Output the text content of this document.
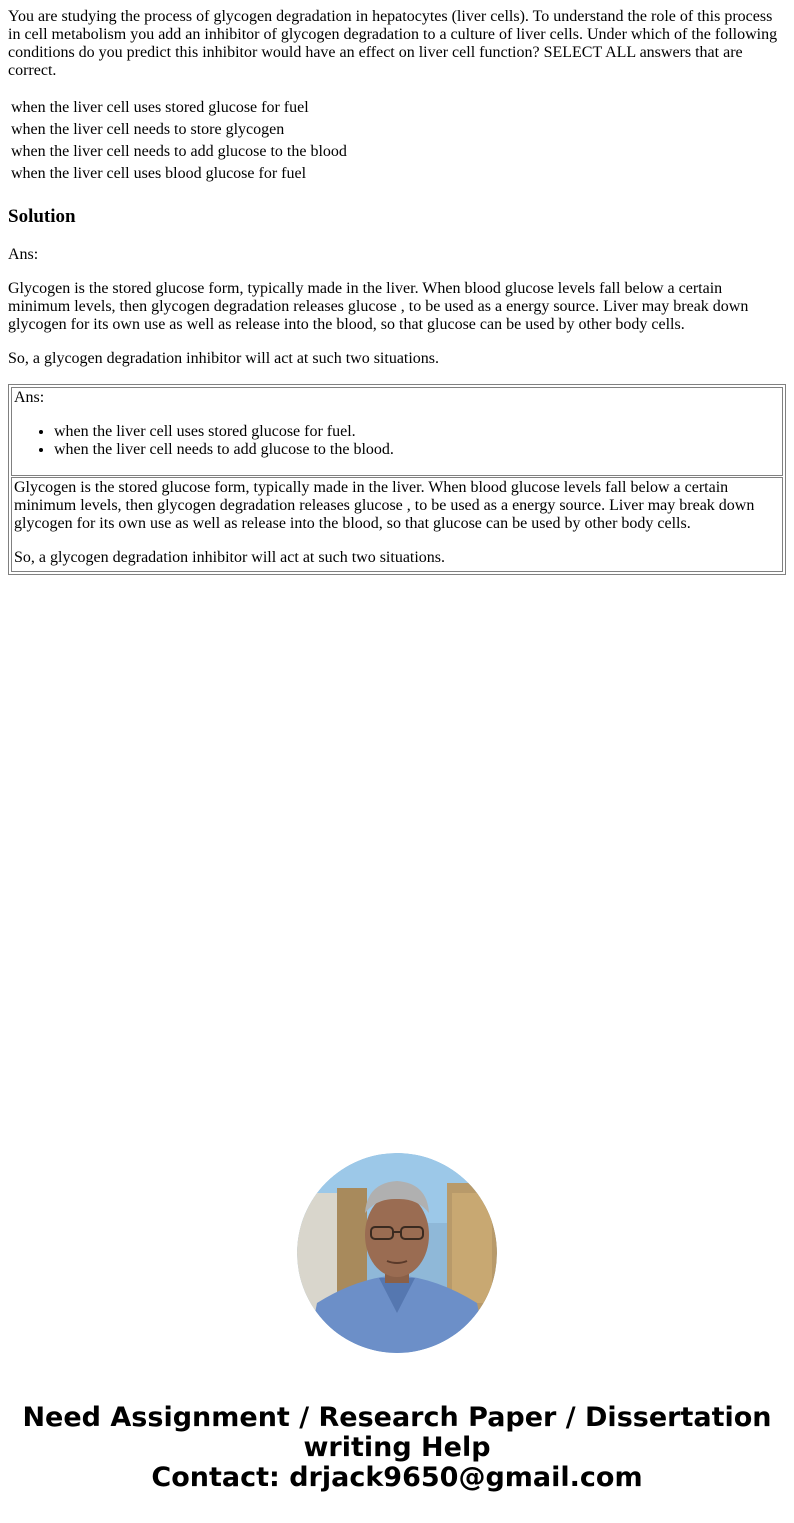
You are studying the process of glycogen degradation in hepatocytes (liver cells). To understand the role of this process in cell metabolism you add an inhibitor of glycogen degradation to a culture of liver cells. Under which of the following conditions do you predict this inhibitor would have an effect on liver cell function? SELECT ALL answers that are correct.

when the liver cell uses stored glucose for fuel
when the liver cell needs to store glycogen
when the liver cell needs to add glucose to the blood
when the liver cell uses blood glucose for fuel
Solution

Ans:

Glycogen is the stored glucose form, typically made in the liver. When blood glucose levels fall below a certain minimum levels, then glycogen degradation releases glucose , to be used as a energy source. Liver may break down glycogen for its own use as well as release into the blood, so that glucose can be used by other body cells.

So, a glycogen degradation inhibitor will act at such two situations.

Ans:
• when the liver cell uses stored glucose for fuel.
• when the liver cell needs to add glucose to the blood.

Glycogen is the stored glucose form, typically made in the liver. When blood glucose levels fall below a certain minimum levels, then glycogen degradation releases glucose , to be used as a energy source. Liver may break down glycogen for its own use as well as release into the blood, so that glucose can be used by other body cells.

So, a glycogen degradation inhibitor will act at such two situations.

Need Assignment / Research Paper / Dissertation
writing Help
Contact: drjack9650@gmail.com
